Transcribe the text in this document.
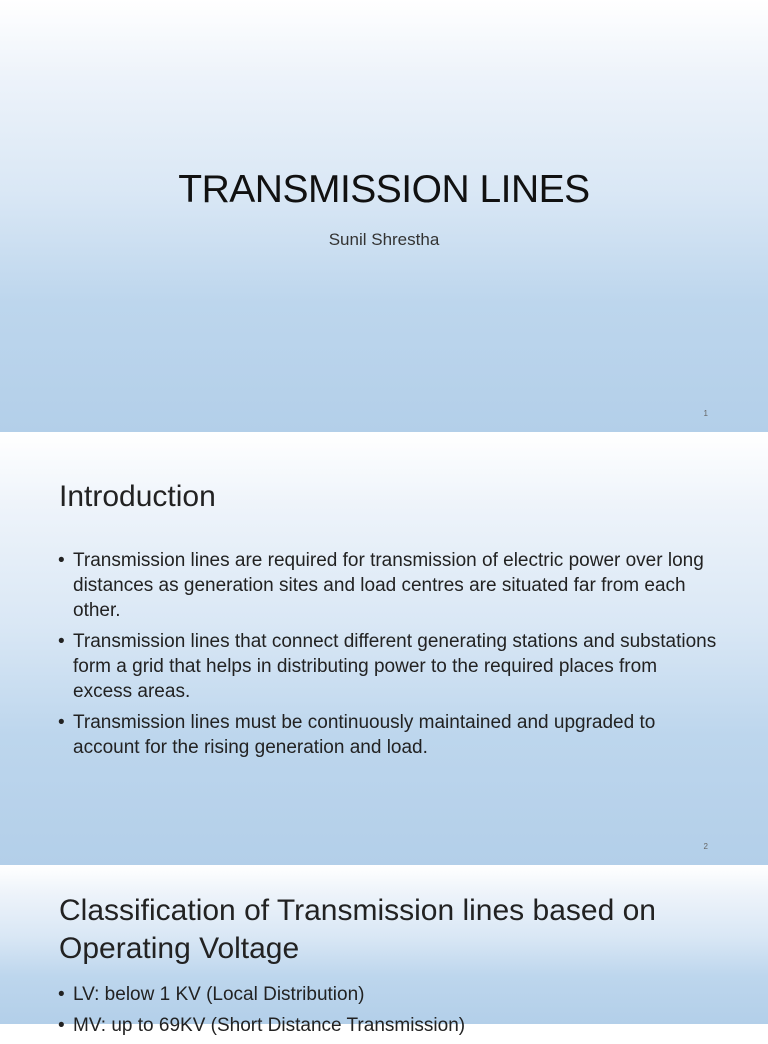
TRANSMISSION LINES
Sunil Shrestha
1
Introduction
• Transmission lines are required for transmission of electric power over long distances as generation sites and load centres are situated far from each other.
• Transmission lines that connect different generating stations and substations form a grid that helps in distributing power to the required places from excess areas.
• Transmission lines must be continuously maintained and upgraded to account for the rising generation and load.
2
Classification of Transmission lines based on Operating Voltage
• LV: below 1 KV (Local Distribution)
• MV: up to 69KV (Short Distance Transmission)
